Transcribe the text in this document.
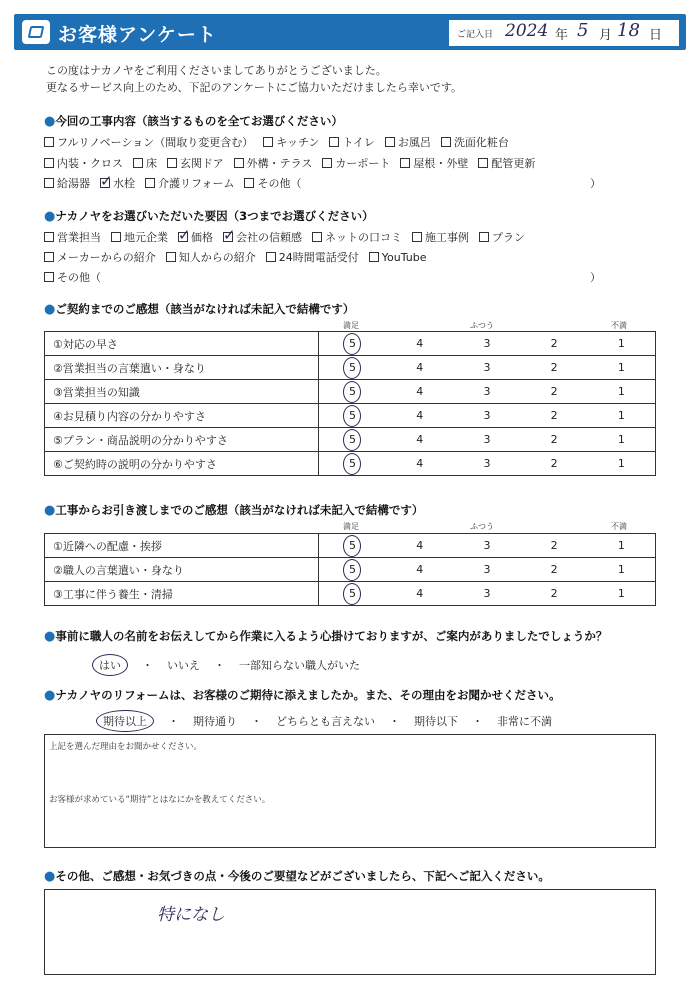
お客様アンケート	ご記入日 2024 年 5 月 18 日
この度はナカノヤをご利用くださいましてありがとうございました。
更なるサービス向上のため、下記のアンケートにご協力いただけましたら幸いです。
●今回の工事内容（該当するものを全てお選びください）
フルリノベーション（間取り変更含む） キッチン トイレ お風呂 洗面化粧台
内装・クロス 床 玄関ドア 外構・テラス カーポート 屋根・外壁 配管更新
給湯器 ✓ 水栓 介護リフォーム その他（	）
●ナカノヤをお選びいただいた要因（3つまでお選びください）
営業担当 地元企業 ✓ 価格 ✓ 会社の信頼感 ネットの口コミ 施工事例 プラン
メーカーからの紹介 知人からの紹介 24時間電話受付 YouTube
その他（	）
●ご契約までのご感想（該当がなければ未記入で結構です）
満足	ふつう	不満
①対応の早さ	5	4	3	2	1
②営業担当の言葉遣い・身なり	5	4	3	2	1
③営業担当の知識	5	4	3	2	1
④お見積り内容の分かりやすさ	5	4	3	2	1
⑤プラン・商品説明の分かりやすさ	5	4	3	2	1
⑥ご契約時の説明の分かりやすさ	5	4	3	2	1
●工事からお引き渡しまでのご感想（該当がなければ未記入で結構です）
満足	ふつう	不満
①近隣への配慮・挨拶	5	4	3	2	1
②職人の言葉遣い・身なり	5	4	3	2	1
③工事に伴う養生・清掃	5	4	3	2	1
●事前に職人の名前をお伝えしてから作業に入るよう心掛けておりますが、ご案内がありましたでしょうか？
はい ・ いいえ ・ 一部知らない職人がいた
●ナカノヤのリフォームは、お客様のご期待に添えましたか。また、その理由をお聞かせください。
期待以上 ・ 期待通り ・ どちらとも言えない ・ 期待以下 ・ 非常に不満
上記を選んだ理由をお聞かせください。
お客様が求めている“期待”とはなにかを教えてください。
●その他、ご感想・お気づきの点・今後のご要望などがございましたら、下記へご記入ください。
特になし
